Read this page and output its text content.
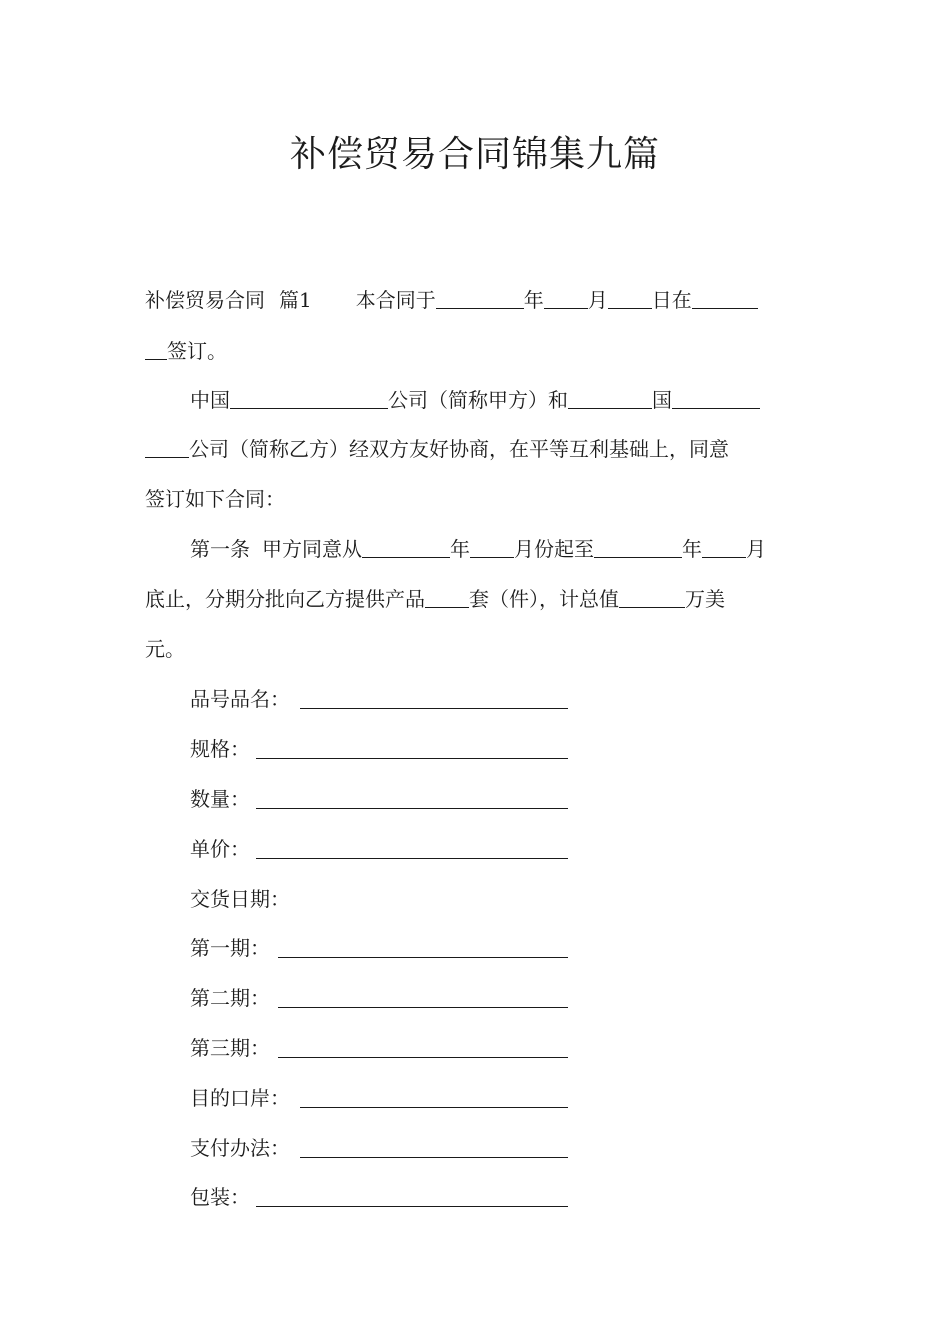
补偿贸易合同锦集九篇
补偿贸易合同 篇1 本合同于	年 月 日在
签订。
中国	公司（简称甲方）和	国
公司（简称乙方）经双方友好协商，在平等互利基础上，同意
签订如下合同：
第一条 甲方同意从	年 月份起至	年 月
底止，分期分批向乙方提供产品 套（件），计总值	万美
元。
品号品名：
规格：
数量：
单价：
交货日期：
第一期：
第二期：
第三期：
目的口岸：
支付办法：
包装：
